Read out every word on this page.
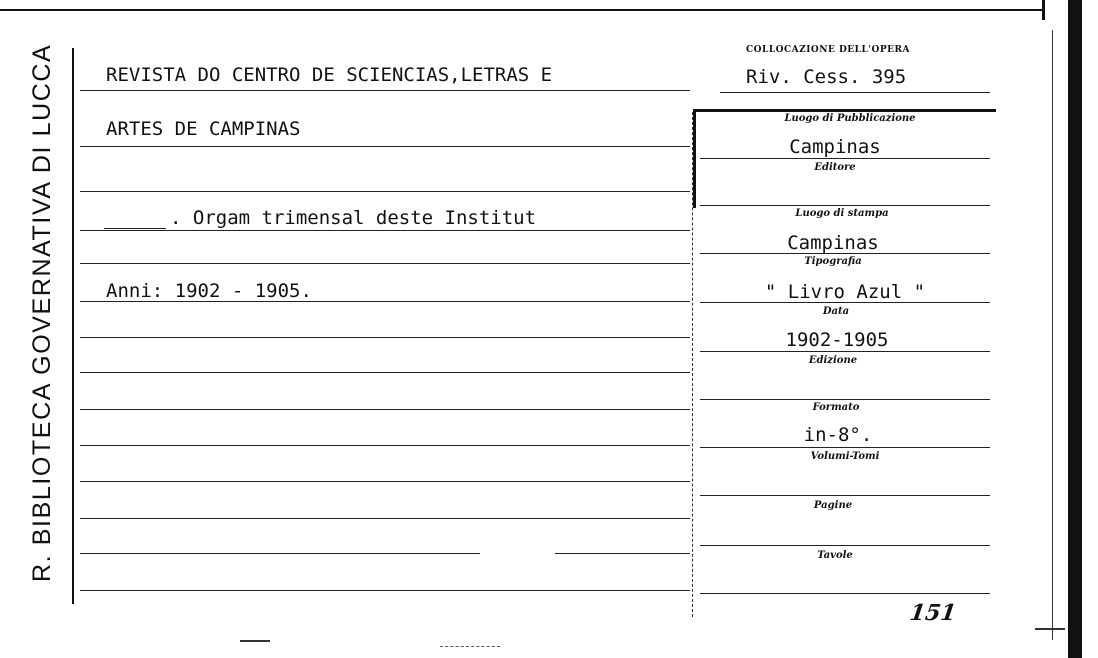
R. BIBLIOTECA GOVERNATIVA DI LUCCA	REVISTA DO CENTRO DE SCIENCIAS,LETRAS E
ARTES DE CAMPINAS
. Orgam trimensal deste Institut
Anni: 1902 - 1905.
COLLOCAZIONE DELL'OPERA
Riv. Cess. 395
Luogo di Pubblicazione
Campinas
Editore
Luogo di stampa
Campinas
Tipografia
" Livro Azul "
Data
1902-1905
Edizione
Formato
in-8°.
Volumi-Tomi
Pagine
Tavole
151
